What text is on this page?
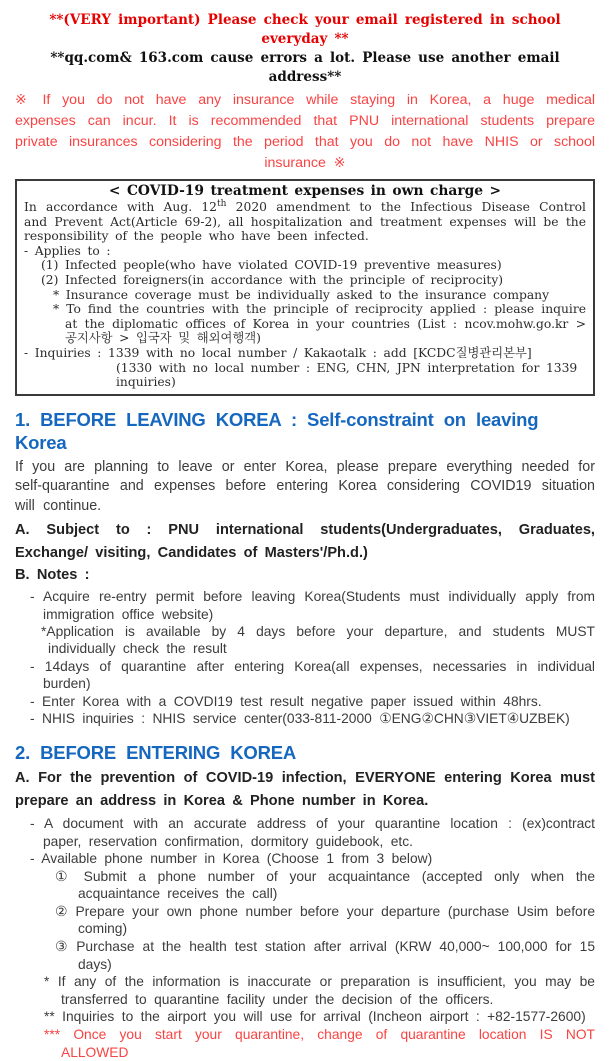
**(VERY important) Please check your email registered in school everyday **
**qq.com& 163.com cause errors a lot. Please use another email address**
※ If you do not have any insurance while staying in Korea, a huge medical expenses can incur. It is recommended that PNU international students prepare private insurances considering the period that you do not have NHIS or school insurance ※
< COVID-19 treatment expenses in own charge >
In accordance with Aug. 12th 2020 amendment to the Infectious Disease Control and Prevent Act(Article 69-2), all hospitalization and treatment expenses will be the responsibility of the people who have been infected.
- Applies to :
(1) Infected people(who have violated COVID-19 preventive measures)
(2) Infected foreigners(in accordance with the principle of reciprocity)
* Insurance coverage must be individually asked to the insurance company
* To find the countries with the principle of reciprocity applied : please inquire at the diplomatic offices of Korea in your countries (List : ncov.mohw.go.kr > 공지사항 > 입국자 및 해외여행객)
- Inquiries : 1339 with no local number / Kakaotalk : add [KCDC질병관리본부]
(1330 with no local number : ENG, CHN, JPN interpretation for 1339 inquiries)
1. BEFORE LEAVING KOREA : Self-constraint on leaving Korea
If you are planning to leave or enter Korea, please prepare everything needed for self-quarantine and expenses before entering Korea considering COVID19 situation will continue.
A. Subject to : PNU international students(Undergraduates, Graduates, Exchange/ visiting, Candidates of Masters'/Ph.d.)
B. Notes :
- Acquire re-entry permit before leaving Korea(Students must individually apply from immigration office website)
*Application is available by 4 days before your departure, and students MUST individually check the result
- 14days of quarantine after entering Korea(all expenses, necessaries in individual burden)
- Enter Korea with a COVDI19 test result negative paper issued within 48hrs.
- NHIS inquiries : NHIS service center(033-811-2000 ①ENG②CHN③VIET④UZBEK)
2. BEFORE ENTERING KOREA
A. For the prevention of COVID-19 infection, EVERYONE entering Korea must prepare an address in Korea & Phone number in Korea.
- A document with an accurate address of your quarantine location : (ex)contract paper, reservation confirmation, dormitory guidebook, etc.
- Available phone number in Korea (Choose 1 from 3 below)
① Submit a phone number of your acquaintance (accepted only when the acquaintance receives the call)
② Prepare your own phone number before your departure (purchase Usim before coming)
③ Purchase at the health test station after arrival (KRW 40,000~ 100,000 for 15 days)
* If any of the information is inaccurate or preparation is insufficient, you may be transferred to quarantine facility under the decision of the officers.
** Inquiries to the airport you will use for arrival (Incheon airport : +82-1577-2600)
*** Once you start your quarantine, change of quarantine location IS NOT ALLOWED
